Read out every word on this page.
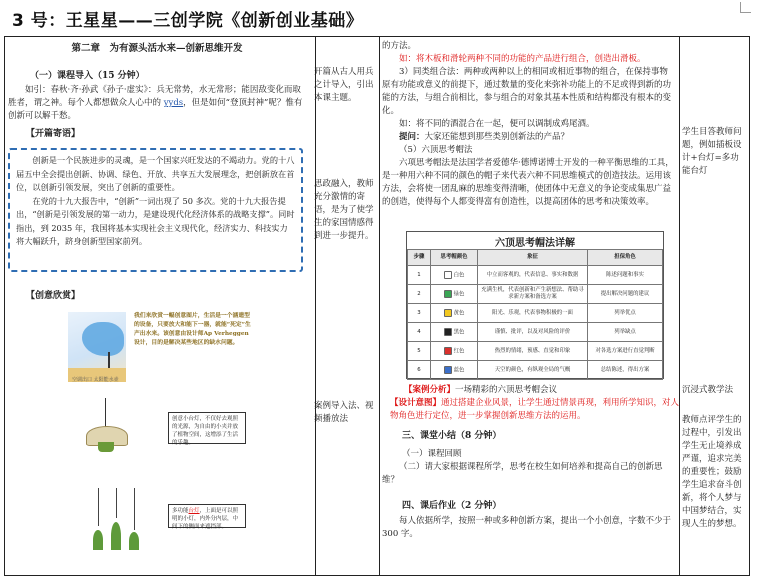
3 号：王星星——三创学院《创新创业基础》
第二章　为有源头活水来—创新思维开发
（一）课程导入（15 分钟）
如引：春秋·齐·孙武《孙子·虚实》：兵无常势，水无常形；能因敌变化而取胜者，谓之神。每个人都想做众人心中的 yyds，但是如何“登顶封神”呢？惟有创新可以解千愁。
【开篇寄语】
创新是一个民族进步的灵魂，是一个国家兴旺发达的不竭动力。党的十八届五中全会提出创新、协调、绿色、开放、共享五大发展理念，把创新放在首位，以创新引领发展，突出了创新的重要性。
在党的十九大报告中，“创新”一词出现了 50 多次。党的十九大报告提出，“创新是引领发展的第一动力，是建设现代化经济体系的战略支撑”。同时指出，到 2035 年，我国将基本实现社会主义现代化，经济实力、科技实力将大幅跃升，跻身创新型国家前列。
【创意欣赏】
空调出口 太阳能水壶
我们来欣赏一幅创意图片，生活是一个涵遗型的设备，只要放大和能下一器，就能“死定”生产出水来。该创意由设计师Ap Verheggen设计，目的是解决某些地区的缺水问题。
创意小台灯，不仅好去观照的光源，为自由的小夹并放了植物空间，这增添了生活的乐趣。
多功能台灯，上面是可以照明的小灯，内外分内层，中间下的侧面来遮挡部。
开篇从古人用兵之计导入，引出本课主题。
思政融入，教师充分激情的寄语，是为了使学生的家国情感得到进一步提升。
案例导入法、视频播放法
的方法。
如：将木板和滑轮两种不同的功能的产品进行组合，创造出滑板。
3）同类组合法：两种或两种以上的相同或相近事物的组合，在保持事物原有功能或意义的前提下，通过数量的变化来弥补功能上的不足或得到新的功能的方法，与组合前相比，参与组合的对象其基本性质和结构都没有根本的变化。
如：将不同的酒混合在一起，便可以调制成鸡尾酒。
提问：大家还能想到那些类别创新法的产品？
（5）六顶思考帽法
六项思考帽法是法国学者爱德华·德博诺博士开发的一种平衡思维的工具，是一种用六种不同的颜色的帽子来代表六种不同思维模式的创造技法。运用该方法，会将使一团乱麻的思维变得清晰，使团体中无意义的争论变成集思广益的创造，使得每个人都变得富有创造性，以提高团体的思考和决策效率。
六顶思考帽法详解
步骤	思考帽颜色	象征	担保角色
1	白色	中立而客观的，代表信息、事实和数据	陈述问题和事实
2	绿色	充满生机，代表创新和产生新想法、帮助寻求新方案和备选方案	提出解决问题的建议
3	黄色	阳光、乐观，代表事物积极的一面	列举优点
4	黑色	谨慎、批评，以及对风险的评价	列举缺点
5	红色	热烈的情绪，预感、直觉和印象	对各选方案进行直觉判断
6	蓝色	天空的颜色，有纵观全局的气概	总结陈述，得出方案
【案例分析】一场精彩的六顶思考帽会议
【设计意图】通过搭建企业风景，让学生通过情景再现，利用所学知识，对人物角色进行定位，进一步掌握创新思维方法的运用。
三、课堂小结（8 分钟）
（一）课程回顾
（二）请大家根据课程所学，思考在校生如何培养和提高自己的创新思维？
四、课后作业（2 分钟）
每人依据所学，按照一种或多种创新方案，提出一个小创意，字数不少于 300 字。
学生目答教师问题，例如插板设计+台灯=多功能台灯
沉浸式教学法
教师点评学生的过程中，引发出学生无止境养成严谨，追求完美的重要性；鼓励学生追求奋斗创新，将个人梦与中国梦结合，实现人生的梦想。
